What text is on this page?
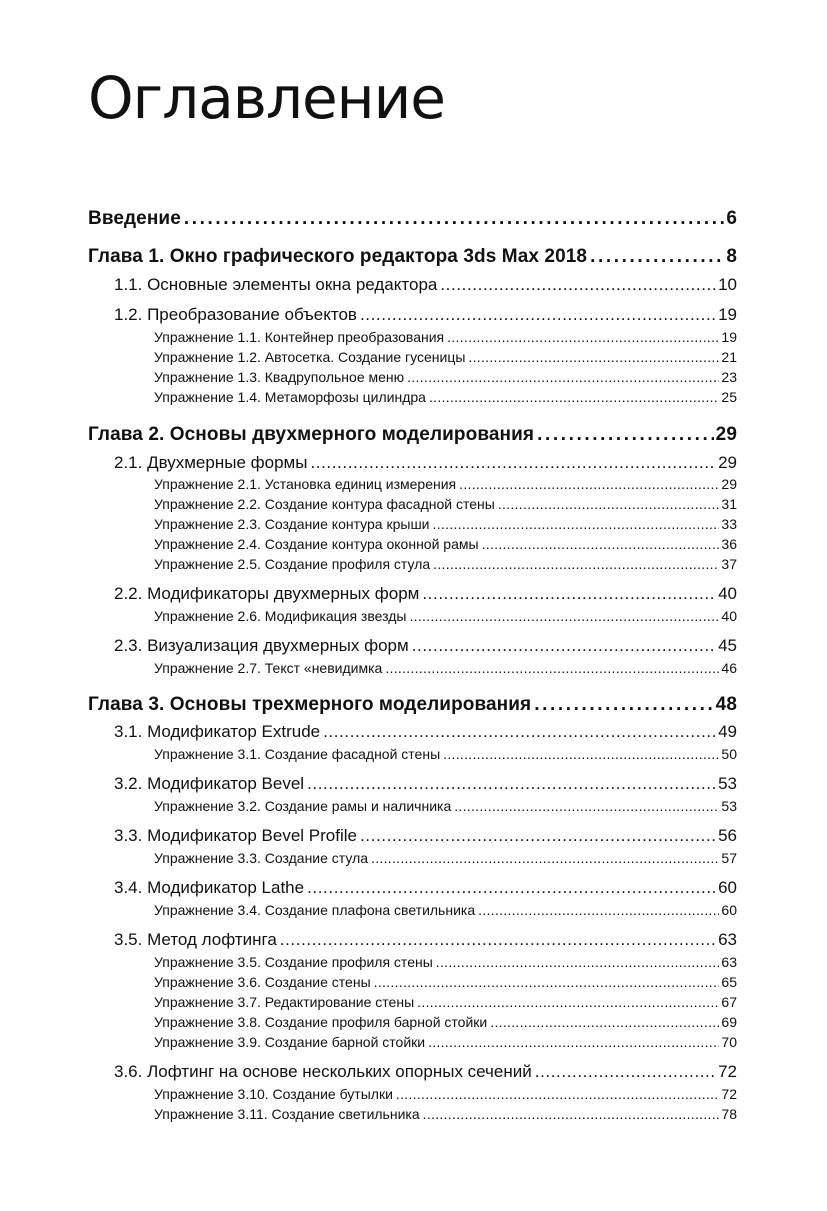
Оглавление
Введение .....	6
Глава 1. Окно графического редактора 3ds Max 2018 .....	8
1.1. Основные элементы окна редактора .....	10
1.2. Преобразование объектов .....	19
Упражнение 1.1. Контейнер преобразования .....	19
Упражнение 1.2. Автосетка. Создание гусеницы .....	21
Упражнение 1.3. Квадрупольное меню .....	23
Упражнение 1.4. Метаморфозы цилиндра .....	25
Глава 2. Основы двухмерного моделирования .....	29
2.1. Двухмерные формы .....	29
Упражнение 2.1. Установка единиц измерения .....	29
Упражнение 2.2. Создание контура фасадной стены .....	31
Упражнение 2.3. Создание контура крыши .....	33
Упражнение 2.4. Создание контура оконной рамы .....	36
Упражнение 2.5. Создание профиля стула .....	37
2.2. Модификаторы двухмерных форм .....	40
Упражнение 2.6. Модификация звезды .....	40
2.3. Визуализация двухмерных форм .....	45
Упражнение 2.7. Текст «невидимка .....	46
Глава 3. Основы трехмерного моделирования .....	48
3.1. Модификатор Extrude .....	49
Упражнение 3.1. Создание фасадной стены .....	50
3.2. Модификатор Bevel .....	53
Упражнение 3.2. Создание рамы и наличника .....	53
3.3. Модификатор Bevel Profile .....	56
Упражнение 3.3. Создание стула .....	57
3.4. Модификатор Lathe .....	60
Упражнение 3.4. Создание плафона светильника .....	60
3.5. Метод лофтинга .....	63
Упражнение 3.5. Создание профиля стены .....	63
Упражнение 3.6. Создание стены .....	65
Упражнение 3.7. Редактирование стены .....	67
Упражнение 3.8. Создание профиля барной стойки .....	69
Упражнение 3.9. Создание барной стойки .....	70
3.6. Лофтинг на основе нескольких опорных сечений .....	72
Упражнение 3.10. Создание бутылки .....	72
Упражнение 3.11. Создание светильника .....	78
